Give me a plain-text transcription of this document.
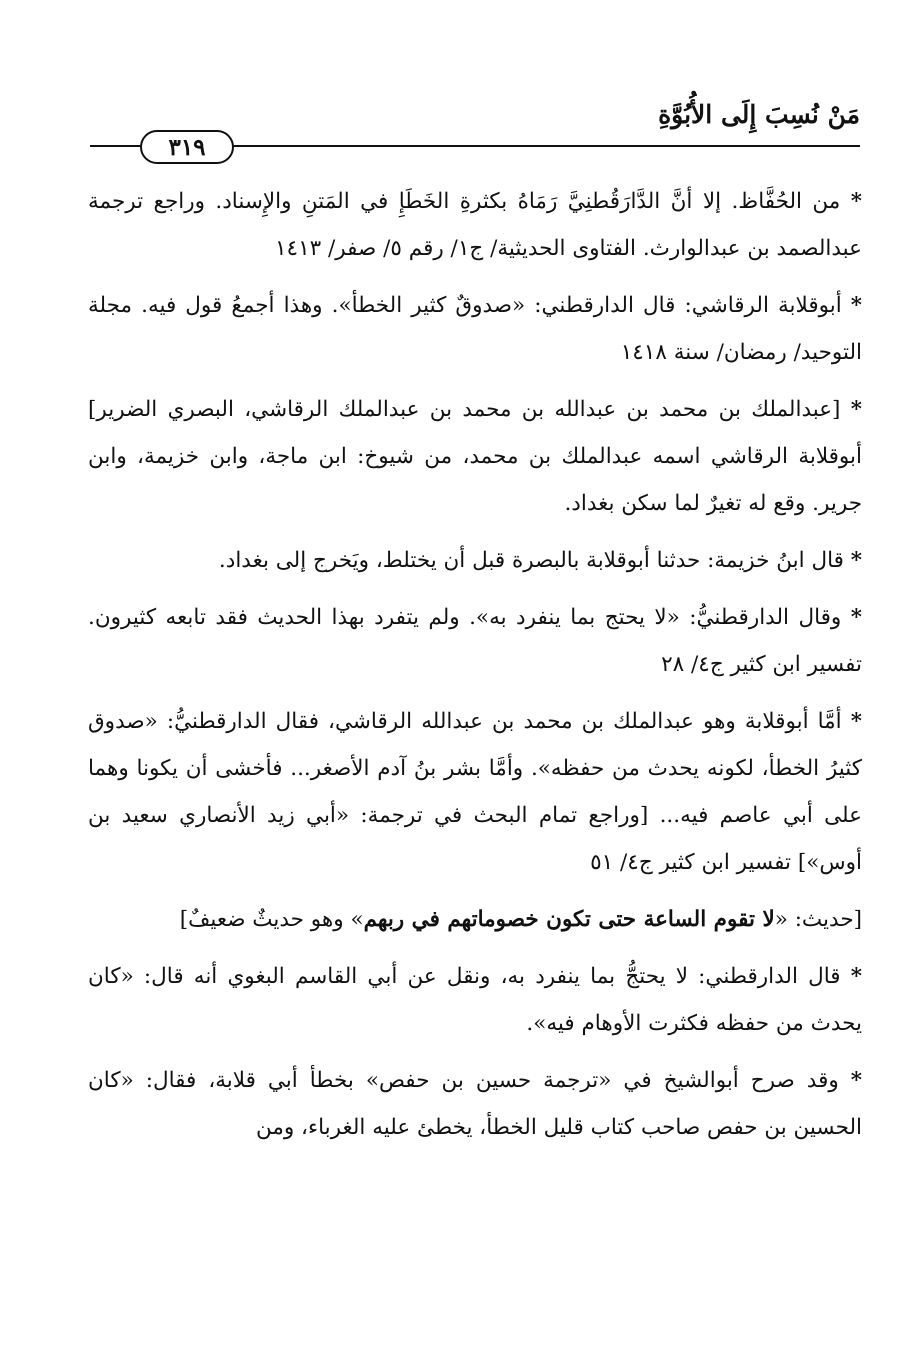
مَنْ نُسِبَ إِلَى الأُبُوَّةِ
٣١٩

* من الحُفَّاظ. إلا أنَّ الدَّارَقُطنِيَّ رَمَاهُ بكثرةِ الخَطَإِ في المَتنِ والإِسناد. وراجع ترجمة عبدالصمد بن عبدالوارث. الفتاوى الحديثية/ ج١/ رقم ٥/ صفر/ ١٤١٣

* أبوقلابة الرقاشي: قال الدارقطني: «صدوقٌ كثير الخطأ». وهذا أجمعُ قول فيه. مجلة التوحيد/ رمضان/ سنة ١٤١٨

* [عبدالملك بن محمد بن عبدالله بن محمد بن عبدالملك الرقاشي، البصري الضرير] أبوقلابة الرقاشي اسمه عبدالملك بن محمد، من شيوخ: ابن ماجة، وابن خزيمة، وابن جرير. وقع له تغيرٌ لما سكن بغداد.

* قال ابنُ خزيمة: حدثنا أبوقلابة بالبصرة قبل أن يختلط، ويَخرج إلى بغداد.

* وقال الدارقطنيُّ: «لا يحتج بما ينفرد به». ولم يتفرد بهذا الحديث فقد تابعه كثيرون. تفسير ابن كثير ج٤/ ٢٨

* أمَّا أبوقلابة وهو عبدالملك بن محمد بن عبدالله الرقاشي، فقال الدارقطنيُّ: «صدوق كثيرُ الخطأ، لكونه يحدث من حفظه». وأمَّا بشر بنُ آدم الأصغر... فأخشى أن يكونا وهما على أبي عاصم فيه... [وراجع تمام البحث في ترجمة: «أبي زيد الأنصاري سعيد بن أوس»] تفسير ابن كثير ج٤/ ٥١

[حديث: «لا تقوم الساعة حتى تكون خصوماتهم في ربهم» وهو حديثٌ ضعيفٌ]

* قال الدارقطني: لا يحتجُّ بما ينفرد به، ونقل عن أبي القاسم البغوي أنه قال: «كان يحدث من حفظه فكثرت الأوهام فيه».

* وقد صرح أبوالشيخ في «ترجمة حسين بن حفص» بخطأ أبي قلابة، فقال: «كان الحسين بن حفص صاحب كتاب قليل الخطأ، يخطئ عليه الغرباء، ومن
